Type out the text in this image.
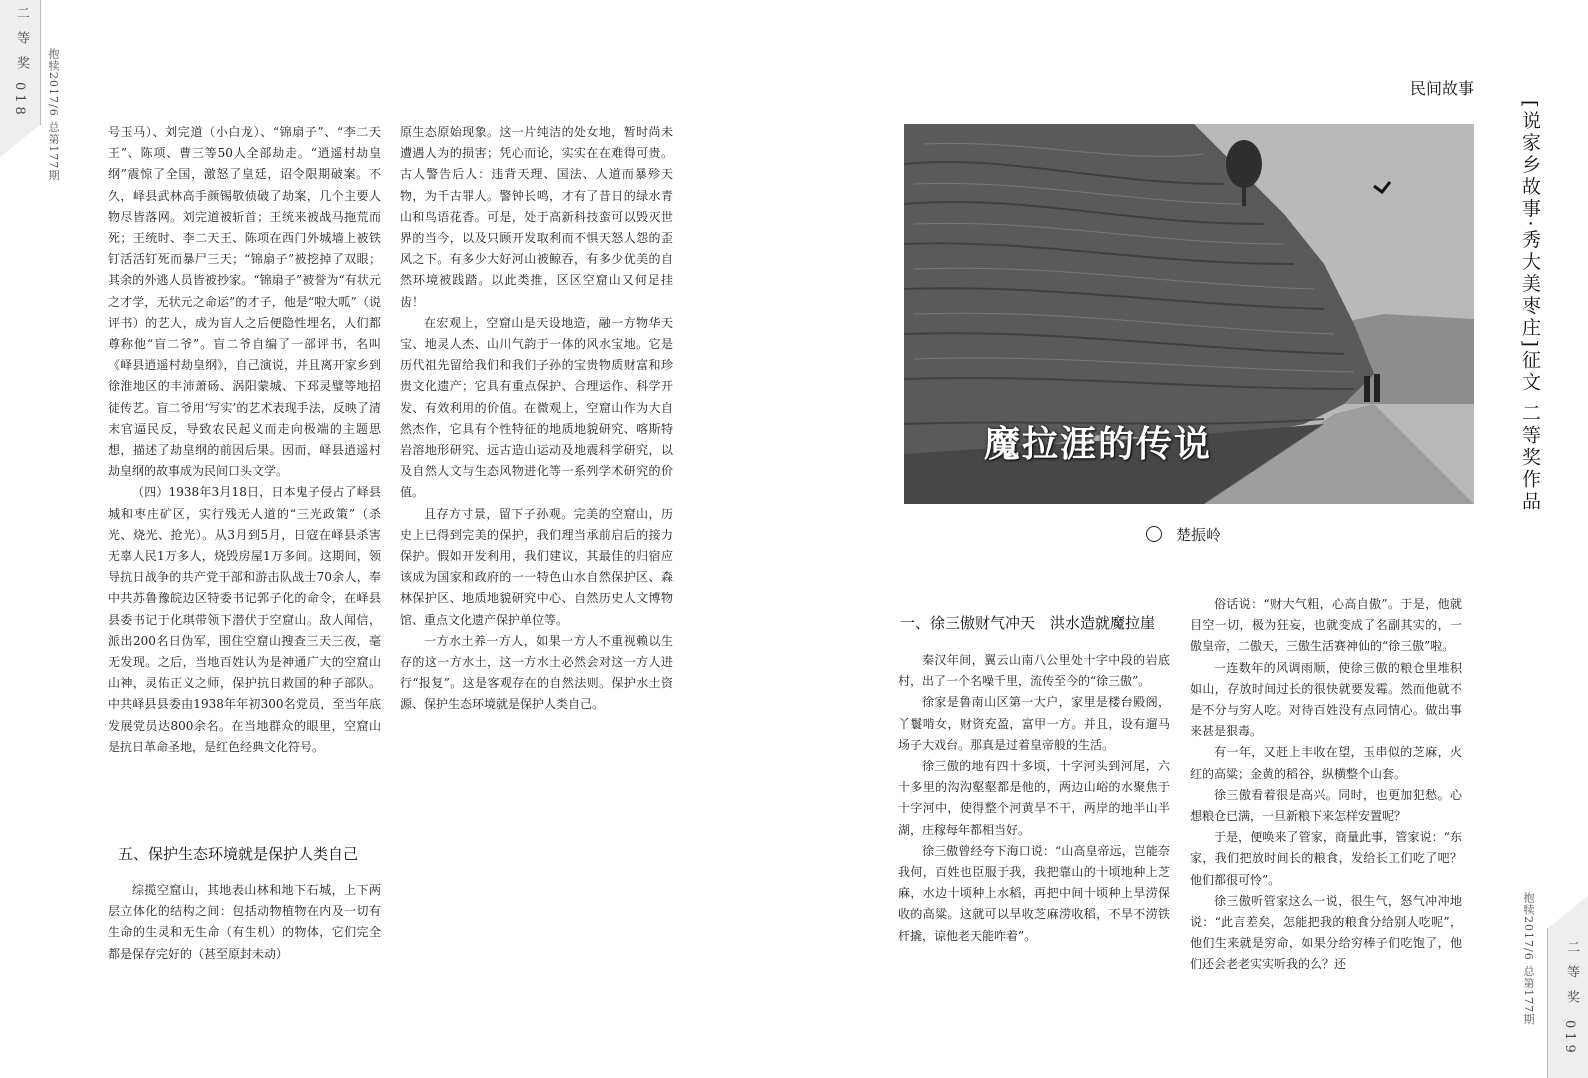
二 等 奖
018 抱犊2017/6 总第177期	号玉马）、刘完道（小白龙）、“锦扇子”、“李二天王”、陈项、曹三等50人全部劫走。“逍遥村劫皇纲”震惊了全国，激怒了皇廷，诏令限期破案。不久，峄县武林高手颜锡敬侦破了劫案，几个主要人物尽皆落网。刘完道被斩首；王统来被战马拖荒而死；王统时、李二天王、陈项在西门外城墙上被铁钉活活钉死而暴尸三天；“锦扇子”被挖掉了双眼；其余的外逃人员皆被抄家。“锦扇子”被誉为“有状元之才学，无状元之命运”的才子，他是“啦大呱”（说评书）的艺人，成为盲人之后便隐性埋名，人们都尊称他“盲二爷”。盲二爷自编了一部评书，名叫《峄县逍遥村劫皇纲》，自己演说，并且离开家乡到徐淮地区的丰沛萧砀、涡阳蒙城、下邳灵璧等地招徒传艺。盲二爷用‘写实’的艺术表现手法，反映了清末官逼民反，导致农民起义而走向极端的主题思想，描述了劫皇纲的前因后果。因而，峄县逍遥村劫皇纲的故事成为民间口头文学。

（四）1938年3月18日，日本鬼子侵占了峄县城和枣庄矿区，实行残无人道的“三光政策”（杀光、烧光、抢光）。从3月到5月，日寇在峄县杀害无辜人民1万多人，烧毁房屋1万多间。这期间，领导抗日战争的共产党干部和游击队战士70余人，奉中共苏鲁豫皖边区特委书记郭子化的命令，在峄县县委书记于化琪带领下潜伏于空窟山。敌人闻信，派出200名日伪军，围住空窟山搜查三天三夜，毫无发现。之后，当地百姓认为是神通广大的空窟山山神，灵佑正义之师，保护抗日救国的种子部队。中共峄县县委由1938年年初300名党员，至当年底发展党员达800余名。在当地群众的眼里，空窟山是抗日革命圣地，是红色经典文化符号。

五、保护生态环境就是保护人类自己

综揽空窟山，其地表山林和地下石城，上下两层立体化的结构之间：包括动物植物在内及一切有生命的生灵和无生命（有生机）的物体，它们完全都是保存完好的（甚至原封未动）

原生态原始现象。这一片纯洁的处女地，暂时尚未遭遇人为的损害；凭心而论，实实在在难得可贵。古人警告后人：违背天理、国法、人道而暴殄天物，为千古罪人。警钟长鸣，才有了昔日的绿水青山和鸟语花香。可是，处于高新科技蛮可以毁灭世界的当今，以及只顾开发取利而不惧天怒人怨的歪风之下。有多少大好河山被鲸吞，有多少优美的自然环境被践踏。以此类推，区区空窟山又何足挂齿！

在宏观上，空窟山是天设地造，融一方物华天宝、地灵人杰、山川气韵于一体的风水宝地。它是历代祖先留给我们和我们子孙的宝贵物质财富和珍贵文化遗产；它具有重点保护、合理运作、科学开发、有效利用的价值。在微观上，空窟山作为大自然杰作，它具有个性特征的地质地貌研究、喀斯特岩溶地形研究、远古造山运动及地震科学研究，以及自然人文与生态风物进化等一系列学术研究的价值。

且存方寸景，留下子孙观。完美的空窟山，历史上已得到完美的保护，我们理当承前启后的接力保护。假如开发利用，我们建议，其最佳的归宿应该成为国家和政府的一一特色山水自然保护区、森林保护区、地质地貌研究中心、自然历史人文博物馆、重点文化遗产保护单位等。

一方水土养一方人，如果一方人不重视赖以生存的这一方水土，这一方水土必然会对这一方人进行“报复”。这是客观存在的自然法则。保护水土资源、保护生态环境就是保护人类自己。

民间故事
魔拉涯的传说
楚振岭
[说家乡故事·秀大美枣庄]征文 二等奖作品
一、徐三傲财气冲天　洪水造就魔拉崖

秦汉年间，翼云山南八公里处十字中段的岩底村，出了一个名噪千里，流传至今的“徐三傲”。

徐家是鲁南山区第一大户，家里是楼台殿阁，丫鬟啃女，财资充盈，富甲一方。并且，设有遛马场子大戏台。那真是过着皇帝般的生活。

徐三傲的地有四十多顷，十字河头到河尾，六十多里的沟沟壑壑都是他的，两边山峪的水聚焦于十字河中，使得整个河黄旱不干，两岸的地半山半湖，庄稼每年都相当好。

徐三傲曾经夸下海口说：“山高皇帝远，岂能奈我何，百姓也臣服于我，我把靠山的十顷地种上芝麻，水边十顷种上水稻，再把中间十顷种上旱涝保收的高粱。这就可以旱收芝麻涝收稻，不旱不涝铁杆撬，谅他老天能咋着”。

俗话说：“财大气粗，心高自傲”。于是，他就目空一切，极为狂妄，也就变成了名副其实的，一傲皇帝，二傲天，三傲生活赛神仙的“徐三傲”啦。

一连数年的风调雨顺，使徐三傲的粮仓里堆积如山，存放时间过长的很快就要发霉。然而他就不是不分与穷人吃。对待百姓没有点同情心。做出事来甚是狠毒。

有一年，又赶上丰收在望，玉串似的芝麻，火红的高粱；金黄的稻谷，纵横整个山套。

徐三傲看着很是高兴。同时，也更加犯愁。心想粮仓已满，一旦新粮下来怎样安置呢？

于是，便唤来了管家，商量此事，管家说：“东家，我们把放时间长的粮食，发给长工们吃了吧？他们都很可怜”。

徐三傲听管家这么一说，很生气，怒气冲冲地说：“此言差矣，怎能把我的粮食分给别人吃呢”，他们生来就是穷命，如果分给穷棒子们吃饱了，他们还会老老实实听我的么？还	抱犊2017/6 总第177期 二 等 奖
019
